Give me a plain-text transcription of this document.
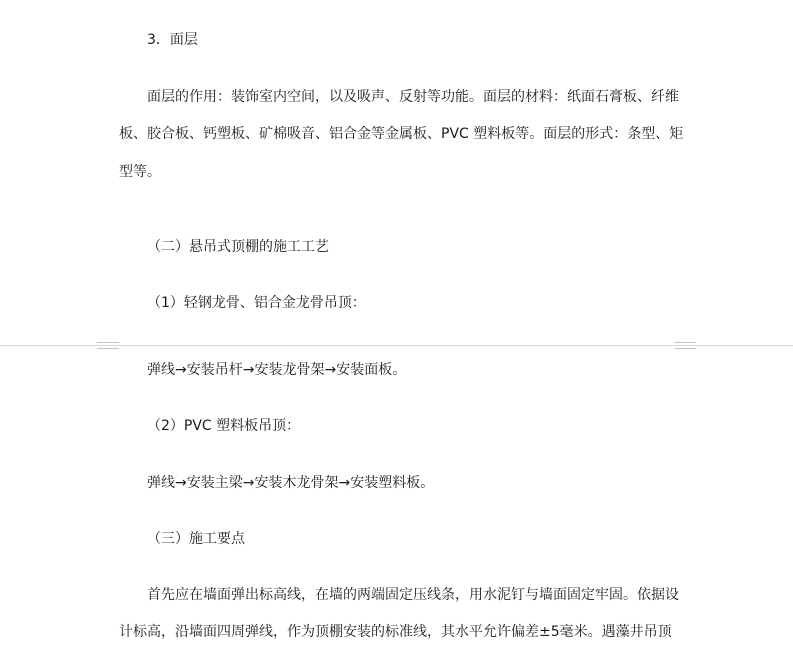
3．面层
面层的作用：装饰室内空间，以及吸声、反射等功能。面层的材料：纸面石膏板、纤维
板、胶合板、钙塑板、矿棉吸音、铝合金等金属板、PVC 塑料板等。面层的形式：条型、矩
型等。
（二）悬吊式顶棚的施工工艺
（1）轻钢龙骨、铝合金龙骨吊顶：
弹线→安装吊杆→安装龙骨架→安装面板。
（2）PVC 塑料板吊顶：
弹线→安装主梁→安装木龙骨架→安装塑料板。
（三）施工要点
首先应在墙面弹出标高线，在墙的两端固定压线条，用水泥钉与墙面固定牢固。依据设
计标高，沿墙面四周弹线，作为顶棚安装的标准线，其水平允许偏差±5毫米。遇藻井吊顶
